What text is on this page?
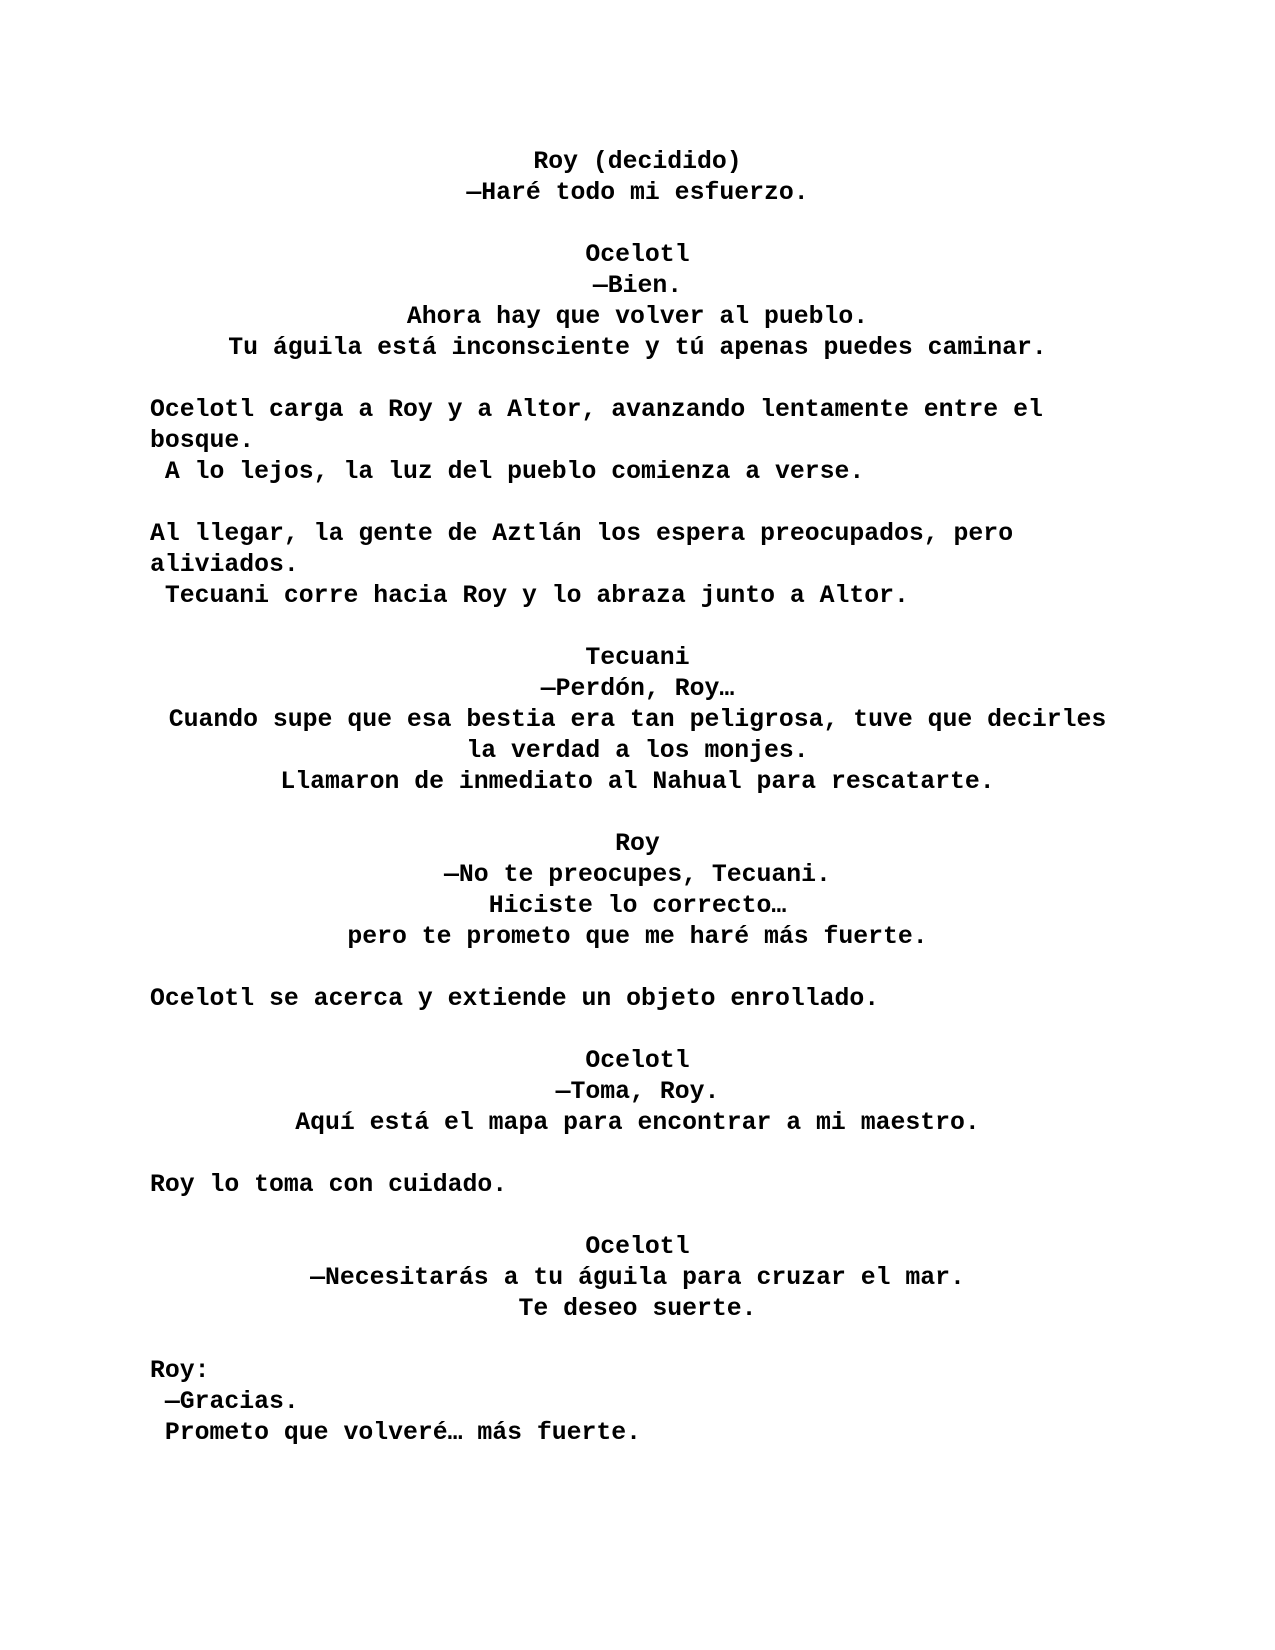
Roy (decidido)
—Haré todo mi esfuerzo.
Ocelotl
—Bien.
Ahora hay que volver al pueblo.
Tu águila está inconsciente y tú apenas puedes caminar.
Ocelotl carga a Roy y a Altor, avanzando lentamente entre el
bosque.
A lo lejos, la luz del pueblo comienza a verse.
Al llegar, la gente de Aztlán los espera preocupados, pero
aliviados.
Tecuani corre hacia Roy y lo abraza junto a Altor.
Tecuani
—Perdón, Roy…
Cuando supe que esa bestia era tan peligrosa, tuve que decirles
la verdad a los monjes.
Llamaron de inmediato al Nahual para rescatarte.
Roy
—No te preocupes, Tecuani.
Hiciste lo correcto…
pero te prometo que me haré más fuerte.
Ocelotl se acerca y extiende un objeto enrollado.
Ocelotl
—Toma, Roy.
Aquí está el mapa para encontrar a mi maestro.
Roy lo toma con cuidado.
Ocelotl
—Necesitarás a tu águila para cruzar el mar.
Te deseo suerte.
Roy:
—Gracias.
Prometo que volveré… más fuerte.
